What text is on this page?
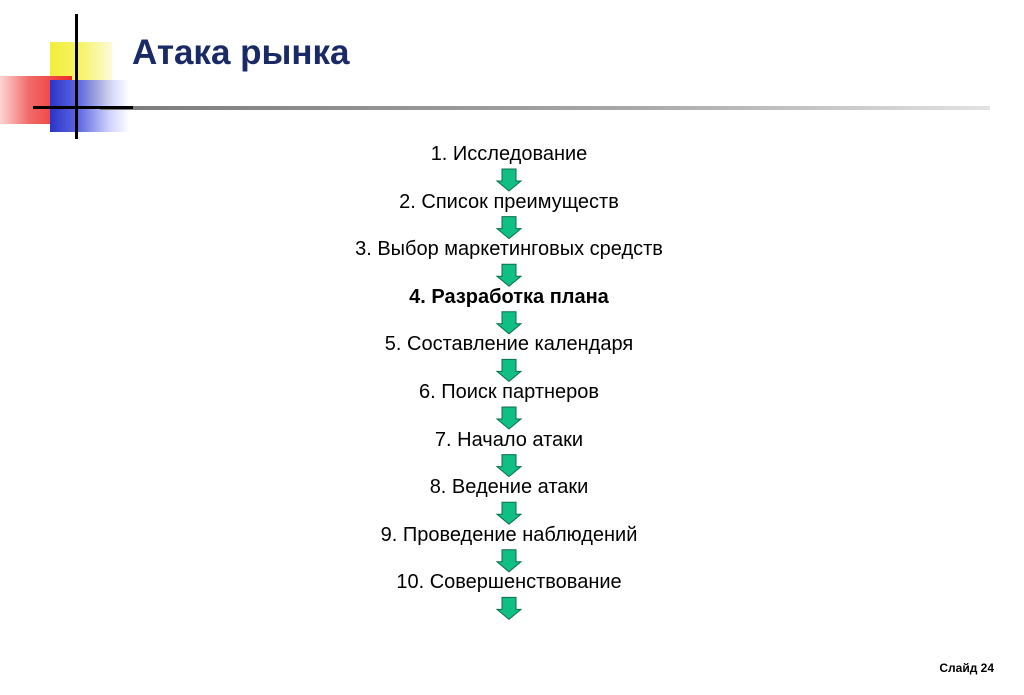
Атака рынка
1. Исследование
2. Список преимуществ
3. Выбор маркетинговых средств
4. Разработка плана
5. Составление календаря
6. Поиск партнеров
7. Начало атаки
8. Ведение атаки
9. Проведение наблюдений
10. Совершенствование
Слайд 24
